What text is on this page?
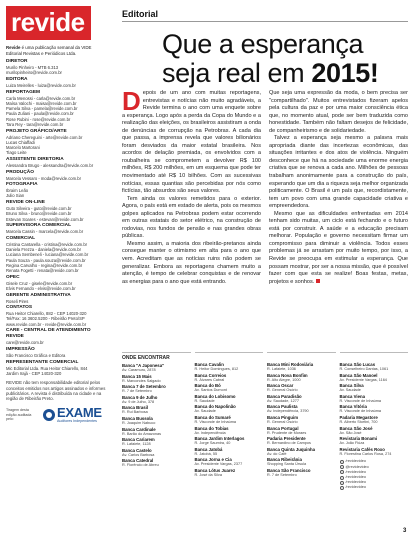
revide
Revide é uma publicação semanal da VIDE Editorial Revistas e Periódicos Ltda.
DIRETOR
Murilo Pinheiro - MTB 6.313
murilopinheiro@revide.com.br
EDITORA
Luiza Meirelles - luiza@revide.com.br
REPORTAGEM
Carla Menossi - carla@revide.com.br
Maísa Valochi - maisa@revide.com.br
Pamela Silva - pamela@revide.com.br
Paula Zuliani - paula@revide.com.br
Rose Rubini - rose@revide.com.br
Tara Rey - tara@revide.com.br
PROJETO GRÁFICO/ARTE
Adriano Chereguini - arte@revide.com.br
Lucas Chiaffadi
Marcelo Martorani
Tiago Leite
ASSISTENTE DIRETORIA
Alessandra Brugo - alessandra@revide.com.br
PRODUÇÃO
Marcela Vessaro - moda@revide.com.br
FOTOGRAFIA
Ibraim Leão
Julio Sian
REVIDE ON-LINE
Guto Silveira - guto@revide.com.br
Bruno Silva - bruno@revide.com.br
Estevan Soares - estevan@revide.com.br
SUPERVISORA COMERCIAL
Marcela Cassin - marcela@revide.com.br
COMERCIAL
Cristina Cantarella - cristina@revide.com.br
Daniela Frezza - daniela@revide.com.br
Luciana Sembeneli - luciana@revide.com.br
Paula Souza - paula.souza@revide.com.br
Regina Carvalho - regina@revide.com.br
Renata Fogetti - renata@revide.com.br
OPEC
Gisele Cruz - gisele@revide.com.br
Elvis Fernando - elvis@revide.com.br
GERENTE ADMINISTRATIVA
Roseli Pires
CONTATOS
Rua Heitor Chiarello, 882 - CEP 14020-320
Tel/Fax: 16 3602.5200 - Ribeirão Preto/SP
www.revide.com.br - revide@revide.com.br
CARE - CENTRAL DE ATENDIMENTO REVIDE
care@revide.com.br
IMPRESSÃO
São Francisco Gráfica e Editora
REPRESENTANTE COMERCIAL
Mic Editorial Ltda. Rua Heitor Chiarello, 844
Jardim Irajá - CEP 14020-320
REVIDE não tem responsabilidade editorial pelos conceitos emitidos nos artigos assinados e informes publicitários. A revista é distribuída na cidade e na região de Ribeirão Preto.
Tiragem desta edição auditada pelo:	EXAME
Auditores Independentes
Editorial
Que a esperança
seja real em 2015!

Depois de um ano com muitas reportagens, entrevistas e notícias não muito agradáveis, a Revide termina o ano com uma enquete sobre a esperança. Logo após a perda da Copa do Mundo e a realização das eleições, os brasileiros assistiram a onda de denúncias de corrupção na Petrobras. A cada dia que passa, a imprensa revela que valores bilionários foram desviados da maior estatal brasileira. Nos acordos de delação premiada, os envolvidos com a roubalheira se comprometem a devolver R$ 100 milhões, R$ 200 milhões, em um esquema que pode ter movimentado até R$ 10 bilhões. Com as sucessivas notícias, essas quantias são percebidas por nós como fictícias, tão absurdos são seus valores.

Tem ainda os valores remetidos para o exterior. Agora, o país está em estado de alerta, pois os mesmos golpes aplicados na Petrobras podem estar ocorrendo em outras estatais do setor elétrico, na construção de rodovias, nos fundos de pensão e nas grandes obras públicas.

Mesmo assim, a maioria dos ribeirão-pretanos ainda consegue manter o otimismo em alta para o ano que vem. Acreditam que as notícias ruins não podem se generalizar. Embora as reportagens chamem muito a atenção, é tempo de celebrar conquistas e de renovar as energias para o ano que está entrando.

Que seja uma expressão da moda, o bem precisa ser "compartilhado". Muitos entrevistados fizeram apelos pela cultura da paz e por uma maior consciência ética que, no momento atual, pode ser bem traduzida como honestidade. Também não faltam desejos de felicidade, de companheirismo e de solidariedade.

Talvez a esperança seja mesmo a palavra mais apropriada diante das incertezas econômicas, das situações irritantes e dos atos de violência. Ninguém desconhece que há na sociedade uma enorme energia criativa que se renova a cada ano. Milhões de pessoas trabalham anonimamente para a construção do país, esperando que um dia a riqueza seja melhor organizada politicamente. O Brasil é um país que, recordistamente, tem um povo com uma grande capacidade criativa e empreendedora.

Mesmo que as dificuldades enfrentadas em 2014 tenham sido muitas, um ciclo está fechando e o futuro está por construir. A saúde e a educação precisam melhorar. População e governo necessitam firmar um compromisso para diminuir a violência. Todos esses problemas já se arrastam por muito tempo, por isso, a Revide se preocupa em estimular a esperança. Que possam mostrar, por ser a nossa missão, que é possível fazer com que esta se realize! Boas festas, metas, projetos e sonhos.

ONDE ENCONTRAR
Banca "A Japonesa"
Av. Caramuru, 2878
Banca 15 Mais
R. Marcondes Salgado
Banca 7 de Setembro
R. 7 de Setembro
Banca 9 de Julho
Av. 9 de Julho, 378
Banca Brasil
R. Rui Barbosa
Banca Bussola
R. Joaquim Nabuco
Banca Cardinale
R. Barão do Amazonas
Banca Cariarem
R. Lafaiete, 1128
Banca Castelo
Av. Carlos Barbosa
Banca Catedral
R. Florêncio de Abreu
Banca Cavalin
R. Heitor Domingues, 812
Banca Correios
R. Álvares Cabral
Banca do Bó
Av. Santos Dumont
Banca do Lobisomo
R. Saudade
Banca do Napolinão
Av. Saudade
Banca do Sumaré
R. Visconde de Inhaúma
Banca do Tobias
Av. Independência
Banca Jardim Interlagos
R. Jorge Saumira, 40
Banca Jatobá
R. Jatobá, 55
Banca Jorna e Cia
Av. Presidente Vargas, 2377
Banca Lótus Juarez
R. José da Silva
Banca Mini Rodoviária
R. Lafaiete, 1036
Banca Nova Bonfim
R. Alto Alegre, 1000
Banca Oscar
R. General Osório
Banca Paradisão
Av. Saudade, 1277
Banca Paulista
Av. Independência, 3790
Banca Pinguim
R. General Osório
Banca Portugal
R. Prudente de Moraes
Padaria Presidente
R. Bernardino de Campos
Banca Quinta Juquinha
Av. do Café
Banca Ribeirânia
Shopping Santa Úrsula
Banca São Francisco
R. 7 de Setembro
Banca São Lucas
R. Conselheiro Dantas, 1061
Banca São Manoel
Av. Presidente Vargas, 1164
Banca Silva
Av. Saudade
Banca Viena
R. Visconde de Inhaúma
Banca Vitória
R. Visconde de Inhaúma
Padaria Megastore
R. Alberto Stortini, 700
Banca São José
Av. São José
Revistaria Bonami
Av. João Fiúza
Revistaria Cafés Roxo
R. Florestina Carlos Rosa, 274
/revidevideo
@revidevideo
/revidevideo
/revidevideo
/revidevideo
/revidevideo
3
